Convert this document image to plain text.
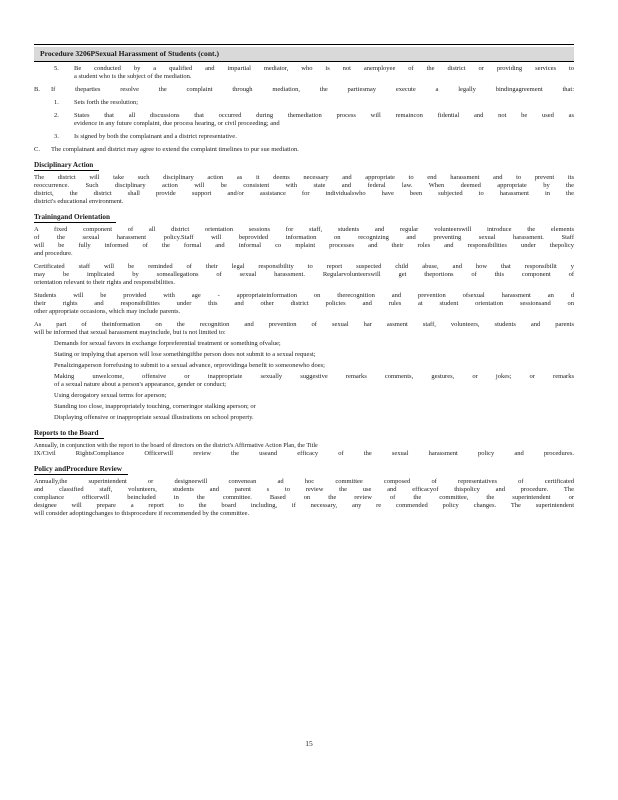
Procedure 3206PSexual Harassment of Students (cont.)
5. Be conducted by a qualified and impartial mediator, who is not anemployee of the district or providing services to
a student who is the subject of the mediation.
B. If theparties resolve the complaint through mediation, the partiesmay execute a legally bindingagreement that:
1. Sets forth the resolution;
2. States that all discussions that occurred during themediation process will remaincon fidential and not be used as
evidence in any future complaint, due process hearing, or civil proceeding; and
3. Is signed by both the complainant and a district representative.
C. The complainant and district may agree to extend the complaint timelines to pur sue mediation.
Disciplinary Action
The district will take such disciplinary action as it deems necessary and appropriate to end harassment and to prevent its
reoccurrence. Such disciplinary action will be consistent with state and federal law. When deemed appropriate by the
district, the district shall provide support and/or assistance for individualswho have been subjected to harassment in the
district's educational environment.
Trainingand Orientation
A fixed component of all district orientation sessions for staff, students and regular volunteerswill introduce the elements
of the sexual harassment policy.Staff will beprovided information on recognizing and preventing sexual harassment. Staff
will be fully informed of the formal and informal co mplaint processes and their roles and responsibilities under thepolicy
and procedure.
Certificated staff will be reminded of their legal responsibility to report suspected child abuse, and how that responsibilit y
may be implicated by someallegations of sexual harassment. Regularvolunteerswill get theportions of this component of
orientation relevant to their rights and responsibilities.
Students will be provided with age - appropriateinformation on therecognition and prevention ofsexual harassment an d
their rights and responsibilities under this and other district policies and rules at student orientation sessionsand on
other appropriate occasions, which may include parents.
As part of theinformation on the recognition and prevention of sexual har assment staff, volunteers, students and parents
will be informed that sexual harassment mayinclude, but is not limited to:
Demands for sexual favors in exchange forpreferential treatment or something ofvalue;
Stating or implying that aperson will lose somethingifthe person does not submit to a sexual request;
Penalizingaperson forrefusing to submit to a sexual advance, orprovidinga benefit to someonewho does;
Making unwelcome, offensive or inappropriate sexually suggestive remarks comments, gestures, or jokes; or remarks
of a sexual nature about a person's appearance, gender or conduct;
Using derogatory sexual terms for aperson;
Standing too close, inappropriately touching, corneringor stalking aperson; or
Displaying offensive or inappropriate sexual illustrations on school property.
Reports to the Board
Annually, in conjunction with the report to the board of directors on the district's Affirmative Action Plan, the Title
IX/Civil RightsCompliance Officerwill review the useand efficacy of the sexual harassment policy and procedures.
Policy andProcedure Review
Annually,the superintendent or designeewill convenean ad hoc committee composed of representatives of certificated
and classified staff, volunteers, students and parent s to review the use and efficacyof thispolicy and procedure. The
compliance officerwill beincluded in the committee. Based on the review of the committee, the superintendent or
designee will prepare a report to the board including, if necessary, any re commended policy changes. The superintendent
will consider adoptingchanges to thisprocedure if recommended by the committee.
15
